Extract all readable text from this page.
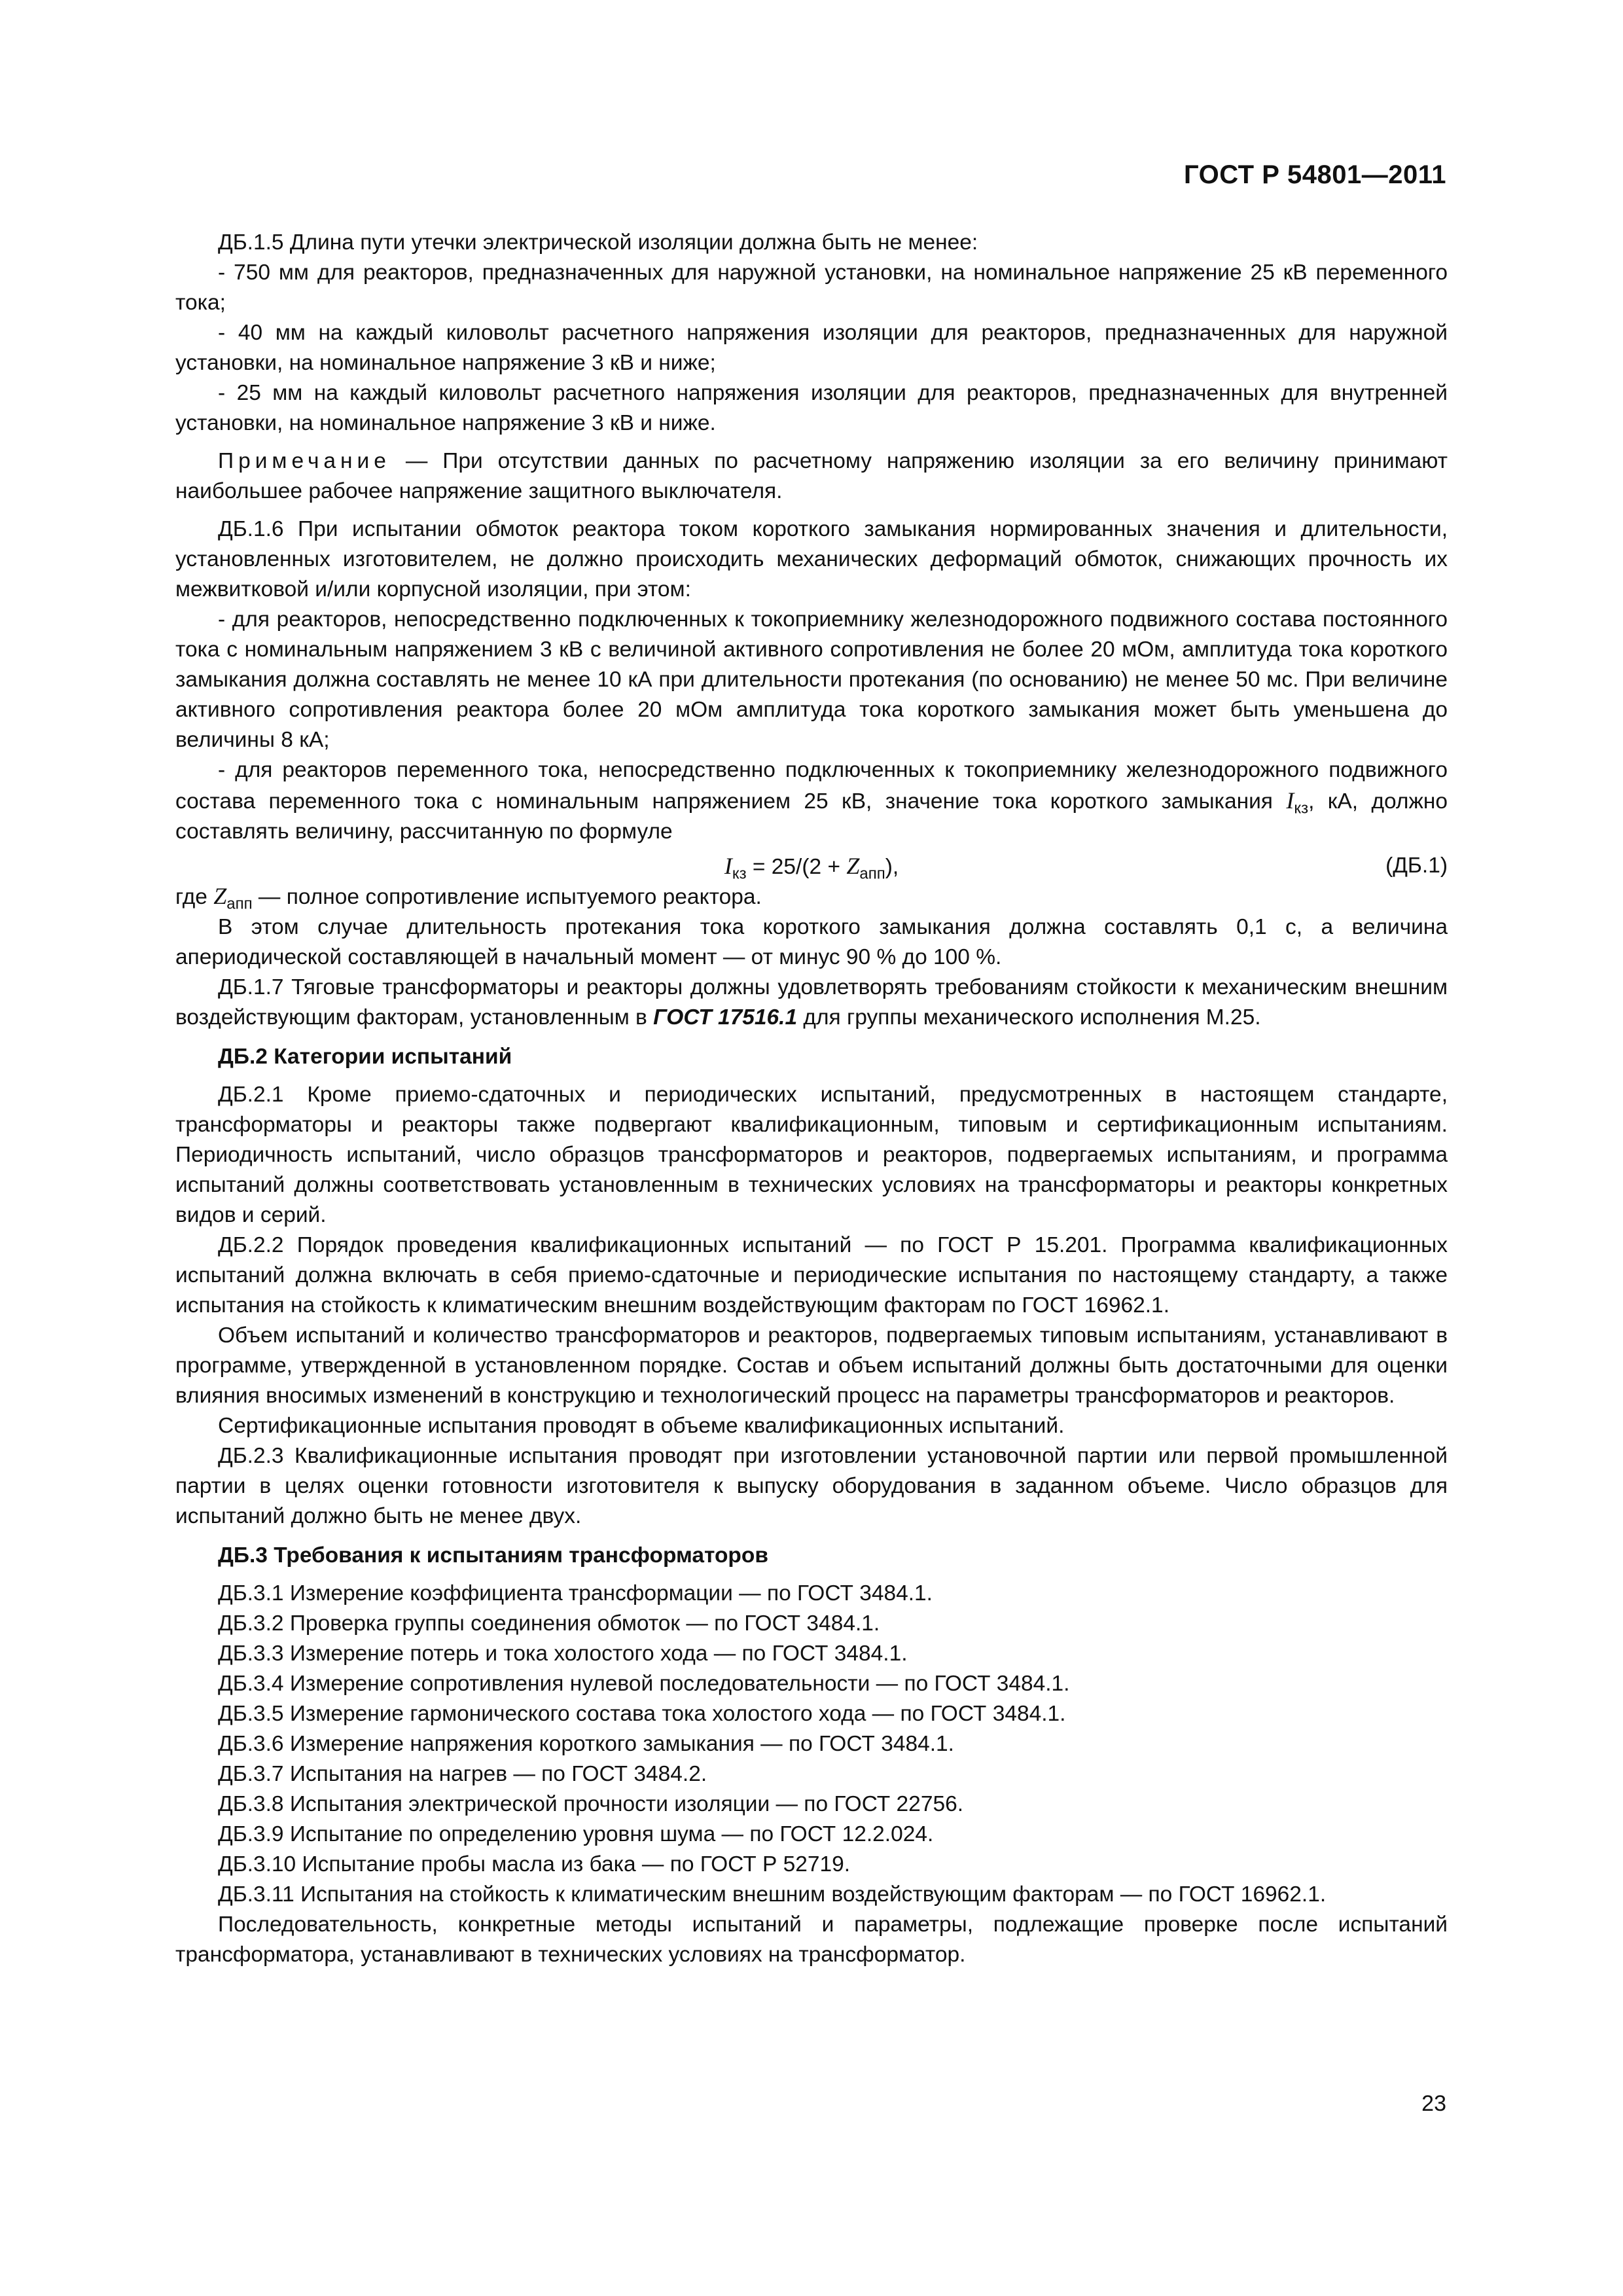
ГОСТ Р 54801—2011

ДБ.1.5 Длина пути утечки электрической изоляции должна быть не менее:

- 750 мм для реакторов, предназначенных для наружной установки, на номинальное напряжение 25 кВ переменного тока;

- 40 мм на каждый киловольт расчетного напряжения изоляции для реакторов, предназначенных для наружной установки, на номинальное напряжение 3 кВ и ниже;

- 25 мм на каждый киловольт расчетного напряжения изоляции для реакторов, предназначенных для внутренней установки, на номинальное напряжение 3 кВ и ниже.

Примечание — При отсутствии данных по расчетному напряжению изоляции за его величину принимают наибольшее рабочее напряжение защитного выключателя.

ДБ.1.6 При испытании обмоток реактора током короткого замыкания нормированных значения и длительности, установленных изготовителем, не должно происходить механических деформаций обмоток, снижающих прочность их межвитковой и/или корпусной изоляции, при этом:

- для реакторов, непосредственно подключенных к токоприемнику железнодорожного подвижного состава постоянного тока с номинальным напряжением 3 кВ с величиной активного сопротивления не более 20 мОм, амплитуда тока короткого замыкания должна составлять не менее 10 кА при длительности протекания (по основанию) не менее 50 мс. При величине активного сопротивления реактора более 20 мОм амплитуда тока короткого замыкания может быть уменьшена до величины 8 кА;

- для реакторов переменного тока, непосредственно подключенных к токоприемнику железнодорожного подвижного состава переменного тока с номинальным напряжением 25 кВ, значение тока короткого замыкания $I_{кз}$, кА, должно составлять величину, рассчитанную по формуле

$I_{кз} = 25/(2 + Z_{апп})$,	(ДБ.1)

где $Z_{апп}$ — полное сопротивление испытуемого реактора.

В этом случае длительность протекания тока короткого замыкания должна составлять 0,1 с, а величина апериодической составляющей в начальный момент — от минус 90 % до 100 %.

ДБ.1.7 Тяговые трансформаторы и реакторы должны удовлетворять требованиям стойкости к механическим внешним воздействующим факторам, установленным в ГОСТ 17516.1 для группы механического исполнения М.25.

ДБ.2 Категории испытаний

ДБ.2.1 Кроме приемо-сдаточных и периодических испытаний, предусмотренных в настоящем стандарте, трансформаторы и реакторы также подвергают квалификационным, типовым и сертификационным испытаниям. Периодичность испытаний, число образцов трансформаторов и реакторов, подвергаемых испытаниям, и программа испытаний должны соответствовать установленным в технических условиях на трансформаторы и реакторы конкретных видов и серий.

ДБ.2.2 Порядок проведения квалификационных испытаний — по ГОСТ Р 15.201. Программа квалификационных испытаний должна включать в себя приемо-сдаточные и периодические испытания по настоящему стандарту, а также испытания на стойкость к климатическим внешним воздействующим факторам по ГОСТ 16962.1.

Объем испытаний и количество трансформаторов и реакторов, подвергаемых типовым испытаниям, устанавливают в программе, утвержденной в установленном порядке. Состав и объем испытаний должны быть достаточными для оценки влияния вносимых изменений в конструкцию и технологический процесс на параметры трансформаторов и реакторов.

Сертификационные испытания проводят в объеме квалификационных испытаний.

ДБ.2.3 Квалификационные испытания проводят при изготовлении установочной партии или первой промышленной партии в целях оценки готовности изготовителя к выпуску оборудования в заданном объеме. Число образцов для испытаний должно быть не менее двух.

ДБ.3 Требования к испытаниям трансформаторов

ДБ.3.1 Измерение коэффициента трансформации — по ГОСТ 3484.1.

ДБ.3.2 Проверка группы соединения обмоток — по ГОСТ 3484.1.

ДБ.3.3 Измерение потерь и тока холостого хода — по ГОСТ 3484.1.

ДБ.3.4 Измерение сопротивления нулевой последовательности — по ГОСТ 3484.1.

ДБ.3.5 Измерение гармонического состава тока холостого хода — по ГОСТ 3484.1.

ДБ.3.6 Измерение напряжения короткого замыкания — по ГОСТ 3484.1.

ДБ.3.7 Испытания на нагрев — по ГОСТ 3484.2.

ДБ.3.8 Испытания электрической прочности изоляции — по ГОСТ 22756.

ДБ.3.9 Испытание по определению уровня шума — по ГОСТ 12.2.024.

ДБ.3.10 Испытание пробы масла из бака — по ГОСТ Р 52719.

ДБ.3.11 Испытания на стойкость к климатическим внешним воздействующим факторам — по ГОСТ 16962.1.

Последовательность, конкретные методы испытаний и параметры, подлежащие проверке после испытаний трансформатора, устанавливают в технических условиях на трансформатор.

23
